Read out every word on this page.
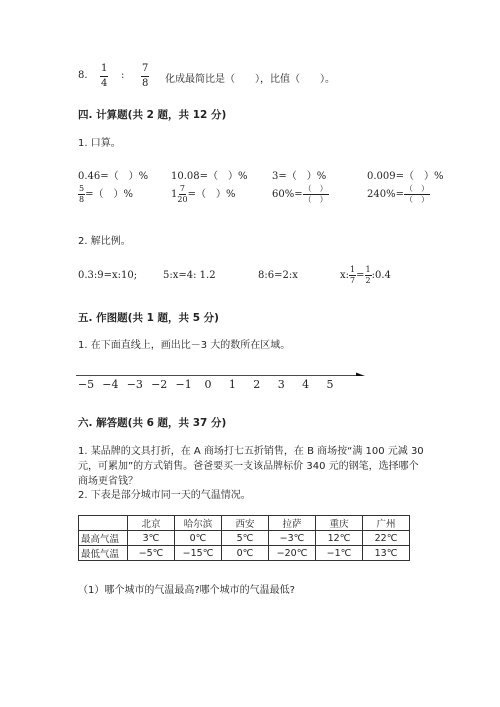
8. $\frac{1}{4}$ : $\frac{7}{8}$ 化成最简比是（　　），比值（　　）。
四. 计算题(共 2 题，共 12 分)
1. 口算。
0.46=（　）% 10.08=（　）% 3=（　）%	0.009=（　）%
$\frac{5}{8}$ =（　）%	$1 \frac{7}{20}$ =（　）%	$60\%= \frac{( )}{( )}$	$240\%= \frac{( )}{( )}$
2. 解比例。
0.3:9=x:10;	5:x=4: 1.2	8:6=2:x	x: $\frac{1}{7} = \frac{1}{2}$ :0.4
五. 作图题(共 1 题，共 5 分)
1. 在下面直线上，画出比－3 大的数所在区域。
−5 −4 −3 −2 −1 0 1 2 3 4 5
六. 解答题(共 6 题，共 37 分)
1. 某品牌的文具打折，在 A 商场打七五折销售，在 B 商场按“满 100 元减 30
元，可累加”的方式销售。爸爸要买一支该品牌标价 340 元的钢笔，选择哪个
商场更省钱？
2. 下表是部分城市同一天的气温情况。
	北京	哈尔滨	西安	拉萨	重庆	广州
最高气温	3℃	0℃	5℃	−3℃	12℃	22℃
最低气温	−5℃	−15℃	0℃	−20℃	−1℃	13℃
（1）哪个城市的气温最高?哪个城市的气温最低?
